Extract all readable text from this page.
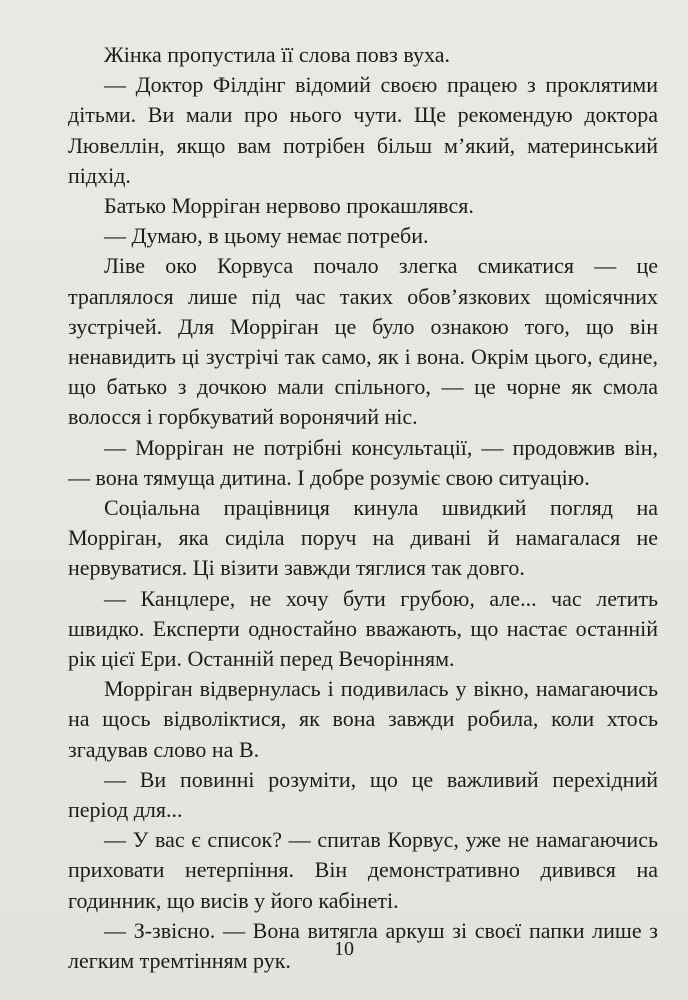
Жінка пропустила її слова повз вуха.

— Доктор Філдінг відомий своєю працею з проклятими дітьми. Ви мали про нього чути. Ще рекомендую доктора Лювеллін, якщо вам потрібен більш м’який, материнський підхід.

Батько Морріган нервово прокашлявся.

— Думаю, в цьому немає потреби.

Ліве око Корвуса почало злегка смикатися — це траплялося лише під час таких обов’язкових щомісячних зустрічей. Для Морріган це було ознакою того, що він ненавидить ці зустрічі так само, як і вона. Окрім цього, єдине, що батько з дочкою мали спільного, — це чорне як смола волосся і горбкуватий воронячий ніс.

— Морріган не потрібні консультації, — продовжив він, — вона тямуща дитина. І добре розуміє свою ситуацію.

Соціальна працівниця кинула швидкий погляд на Морріган, яка сиділа поруч на дивані й намагалася не нервуватися. Ці візити завжди тяглися так довго.

— Канцлере, не хочу бути грубою, але... час летить швидко. Експерти одностайно вважають, що настає останній рік цієї Ери. Останній перед Вечорінням.

Морріган відвернулась і подивилась у вікно, намагаючись на щось відволіктися, як вона завжди робила, коли хтось згадував слово на В.

— Ви повинні розуміти, що це важливий перехідний період для...

— У вас є список? — спитав Корвус, уже не намагаючись приховати нетерпіння. Він демонстративно дивився на годинник, що висів у його кабінеті.

— З-звісно. — Вона витягла аркуш зі своєї папки лише з легким тремтінням рук.	10
